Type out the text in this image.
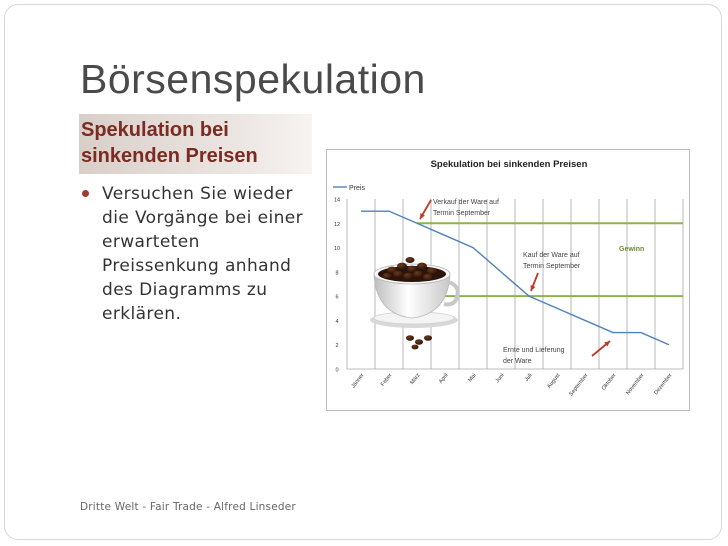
Börsenspekulation
Spekulation bei sinkenden Preisen
Versuchen Sie wieder die Vorgänge bei einer erwarteten Preissenkung anhand des Diagramms zu erklären.
Spekulation bei sinkenden Preisen
0
2
4
6
8
10
12
14
Jänner	Feber	März	April	Mai	Juni	Juli August September Oktober November Dezember
Preis
Verkauf der Ware auf
Termin September
Kauf der Ware auf
Termin September
Gewinn
Ernte und Lieferung
der Ware
Dritte Welt - Fair Trade - Alfred Linseder
